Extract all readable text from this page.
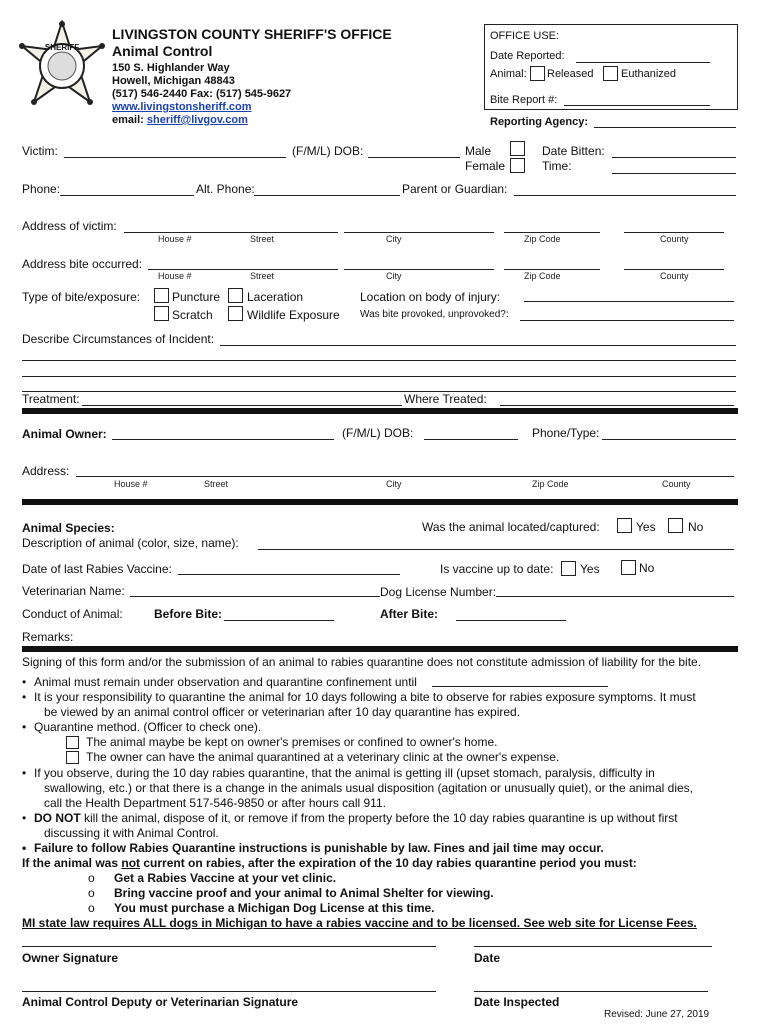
SHERIFF
LIVINGSTON COUNTY SHERIFF'S OFFICE
Animal Control
150 S. Highlander Way
Howell, Michigan 48843
(517) 546-2440 Fax: (517) 545-9627
www.livingstonsheriff.com
email: sheriff@livgov.com
OFFICE USE:
Date Reported:
Animal: Released	Euthanized
Bite Report #:
Reporting Agency:
Victim:	(F/M/L) DOB:	Male
Female
Date Bitten:
Time:
Phone:	Alt. Phone:	Parent or Guardian:
Address of victim:
House #	Street	City	Zip Code	County
Address bite occurred:
House #	Street	City	Zip Code	County
Type of bite/exposure:	Puncture Laceration
Scratch	Wildlife Exposure
Location on body of injury:
Was bite provoked, unprovoked?:
Describe Circumstances of Incident:
Treatment:	Where Treated:
Animal Owner:	(F/M/L) DOB:	Phone/Type:
Address:
House #	Street	City	Zip Code	County
Animal Species:	Was the animal located/captured:	Yes	No
Description of animal (color, size, name):
Date of last Rabies Vaccine:	Is vaccine up to date: Yes	No
Veterinarian Name:	Dog License Number:
Conduct of Animal:	Before Bite:	After Bite:
Remarks:
Signing of this form and/or the submission of an animal to rabies quarantine does not constitute admission of liability for the bite.
• Animal must remain under observation and quarantine confinement until
• It is your responsibility to quarantine the animal for 10 days following a bite to observe for rabies exposure symptoms. It must
be viewed by an animal control officer or veterinarian after 10 day quarantine has expired.
• Quarantine method. (Officer to check one).
The animal maybe be kept on owner's premises or confined to owner's home.
The owner can have the animal quarantined at a veterinary clinic at the owner's expense.
• If you observe, during the 10 day rabies quarantine, that the animal is getting ill (upset stomach, paralysis, difficulty in
swallowing, etc.) or that there is a change in the animals usual disposition (agitation or unusually quiet), or the animal dies,
call the Health Department 517-546-9850 or after hours call 911.
• DO NOT kill the animal, dispose of it, or remove if from the property before the 10 day rabies quarantine is up without first
discussing it with Animal Control.
• Failure to follow Rabies Quarantine instructions is punishable by law. Fines and jail time may occur.
If the animal was not current on rabies, after the expiration of the 10 day rabies quarantine period you must:
o Get a Rabies Vaccine at your vet clinic.
o Bring vaccine proof and your animal to Animal Shelter for viewing.
o You must purchase a Michigan Dog License at this time.
MI state law requires ALL dogs in Michigan to have a rabies vaccine and to be licensed. See web site for License Fees.
Owner Signature	Date
Animal Control Deputy or Veterinarian Signature	Date Inspected
Revised: June 27, 2019
